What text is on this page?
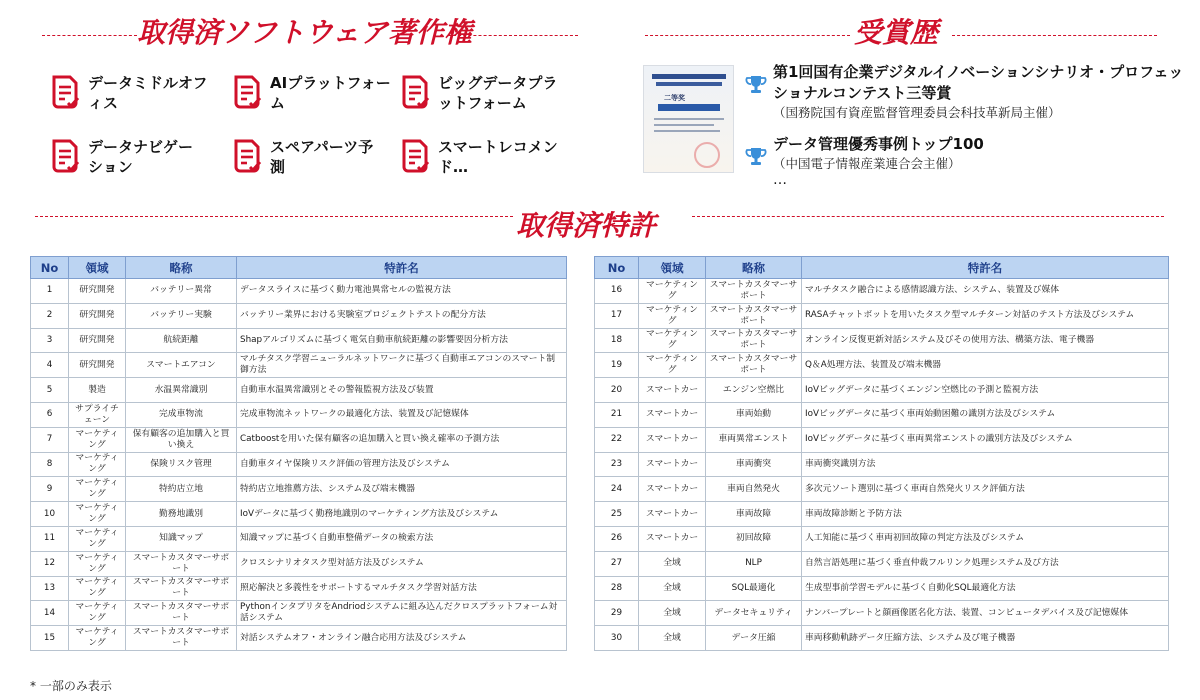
取得済ソフトウェア著作権
データミドルオフ
ィス
AIプラットフォー
ム
ビッグデータプラ
ットフォーム
データナビゲー
ション
スペアパーツ予
測
スマートレコメン
ド…
受賞歴
二等奖
第1回国有企業デジタルイノベーションシナリオ・プロフェッ
ショナルコンテスト三等賞
（国務院国有資産監督管理委員会科技革新局主催）
データ管理優秀事例トップ100
（中国電子情報産業連合会主催）
…
取得済特許
No	領域	略称	特許名
1	研究開発	バッテリー異常	データスライスに基づく動力電池異常セルの監視方法
2	研究開発	バッテリー実験	バッテリー業界における実験室プロジェクトテストの配分方法
3	研究開発	航続距離	Shapアルゴリズムに基づく電気自動車航続距離の影響要因分析方法
4	研究開発	スマートエアコン	マルチタスク学習ニューラルネットワークに基づく自動車エアコンのスマート制御方法
5	製造	水温異常識別	自動車水温異常識別とその警報監視方法及び装置
6	サプライチェーン	完成車物流	完成車物流ネットワークの最適化方法、装置及び記憶媒体
7	マーケティング	保有顧客の追加購入と買い換え	Catboostを用いた保有顧客の追加購入と買い換え確率の予測方法
8	マーケティング	保険リスク管理	自動車タイヤ保険リスク評価の管理方法及びシステム
9	マーケティング	特約店立地	特約店立地推薦方法、システム及び端末機器
10	マーケティング	勤務地識別	IoVデータに基づく勤務地識別のマーケティング方法及びシステム
11	マーケティング	知識マップ	知識マップに基づく自動車整備データの検索方法
12	マーケティング	スマートカスタマーサポート	クロスシナリオタスク型対話方法及びシステム
13	マーケティング	スマートカスタマーサポート	照応解決と多義性をサポートするマルチタスク学習対話方法
14	マーケティング	スマートカスタマーサポート	PythonインタプリタをAndriodシステムに組み込んだクロスプラットフォーム対話システム
15	マーケティング	スマートカスタマーサポート	対話システムオフ・オンライン融合応用方法及びシステム
No	領域	略称	特許名
16	マーケティング	スマートカスタマーサポート	マルチタスク融合による感情認識方法、システム、装置及び媒体
17	マーケティング	スマートカスタマーサポート	RASAチャットボットを用いたタスク型マルチターン対話のテスト方法及びシステム
18	マーケティング	スマートカスタマーサポート	オンライン反復更新対話システム及びその使用方法、構築方法、電子機器
19	マーケティング	スマートカスタマーサポート	Q＆A処理方法、装置及び端末機器
20	スマートカー	エンジン空燃比	IoVビッグデータに基づくエンジン空燃比の予測と監視方法
21	スマートカー	車両始動	IoVビッグデータに基づく車両始動困難の識別方法及びシステム
22	スマートカー	車両異常エンスト	IoVビッグデータに基づく車両異常エンストの識別方法及びシステム
23	スマートカー	車両衝突	車両衝突識別方法
24	スマートカー	車両自然発火	多次元ソート選別に基づく車両自然発火リスク評価方法
25	スマートカー	車両故障	車両故障診断と予防方法
26	スマートカー	初回故障	人工知能に基づく車両初回故障の判定方法及びシステム
27	全域	NLP	自然言語処理に基づく垂直仲裁フルリンク処理システム及び方法
28	全域	SQL最適化	生成型事前学習モデルに基づく自動化SQL最適化方法
29	全域	データセキュリティ	ナンバープレートと顔画像匿名化方法、装置、コンピュータデバイス及び記憶媒体
30	全域	データ圧縮	車両移動軌跡データ圧縮方法、システム及び電子機器
* 一部のみ表示
